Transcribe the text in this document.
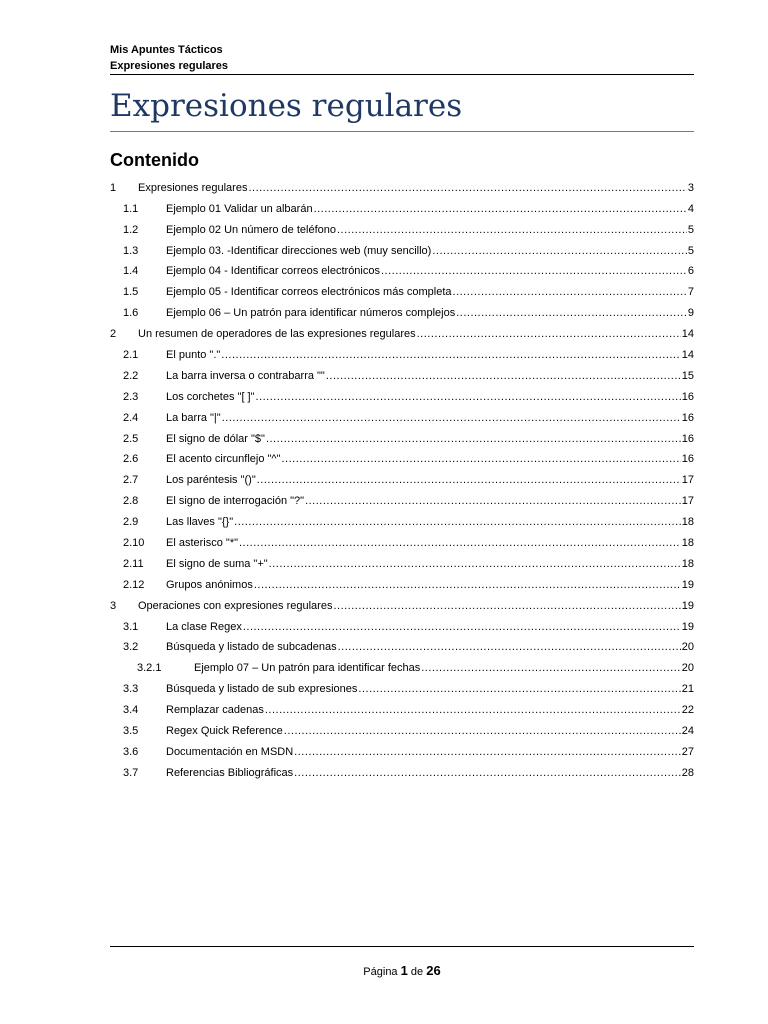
Mis Apuntes Tácticos
Expresiones regulares
Expresiones regulares
Contenido
1	Expresiones regulares .....	3
1.1	Ejemplo 01 Validar un albarán .....	4
1.2	Ejemplo 02 Un número de teléfono .....	5
1.3	Ejemplo 03. -Identificar direcciones web (muy sencillo) .....	5
1.4	Ejemplo 04 - Identificar correos electrónicos .....	6
1.5	Ejemplo 05 - Identificar correos electrónicos más completa .....	7
1.6	Ejemplo 06 – Un patrón para identificar números complejos .....	9
2	Un resumen de operadores de las expresiones regulares .....	14
2.1	El punto "." .....	14
2.2	La barra inversa o contrabarra "" .....	15
2.3	Los corchetes "[ ]" .....	16
2.4	La barra "|" .....	16
2.5	El signo de dólar "$" .....	16
2.6	El acento circunflejo "^" .....	16
2.7	Los paréntesis "()" .....	17
2.8	El signo de interrogación "?" .....	17
2.9	Las llaves "{}" .....	18
2.10	El asterisco "*" .....	18
2.11	El signo de suma "+" .....	18
2.12	Grupos anónimos .....	19
3	Operaciones con expresiones regulares .....	19
3.1	La clase Regex .....	19
3.2	Búsqueda y listado de subcadenas .....	20
3.2.1	Ejemplo 07 – Un patrón para identificar fechas .....	20
3.3	Búsqueda y listado de sub expresiones .....	21
3.4	Remplazar cadenas .....	22
3.5	Regex Quick Reference .....	24
3.6	Documentación en MSDN .....	27
3.7	Referencias Bibliográficas .....	28
Página 1 de 26
